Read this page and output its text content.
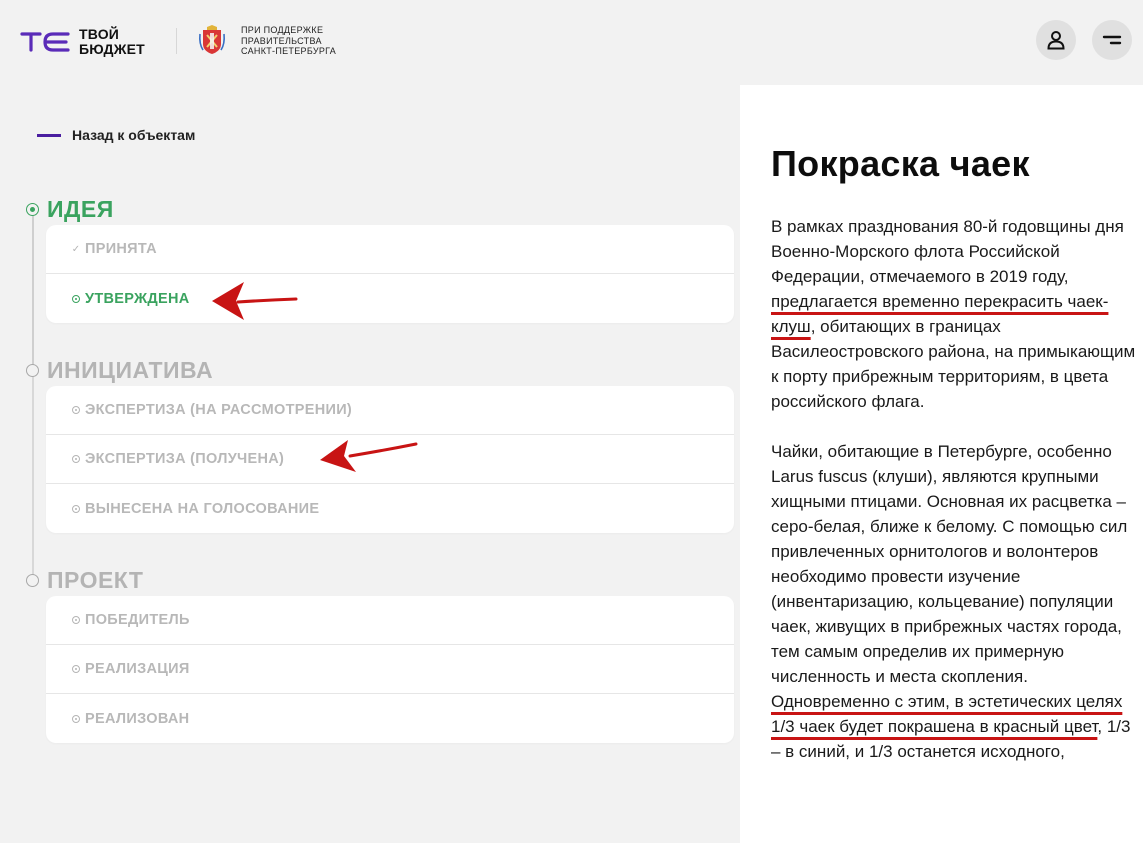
ТВОЙ
БЮДЖЕТ
ПРИ ПОДДЕРЖКЕ
ПРАВИТЕЛЬСТВА
САНКТ-ПЕТЕРБУРГА
Назад к объектам
ИДЕЯ
✓ ПРИНЯТА
УТВЕРЖДЕНА
ИНИЦИАТИВА
ЭКСПЕРТИЗА (НА РАССМОТРЕНИИ)
ЭКСПЕРТИЗА (ПОЛУЧЕНА)
ВЫНЕСЕНА НА ГОЛОСОВАНИЕ
ПРОЕКТ
ПОБЕДИТЕЛЬ
РЕАЛИЗАЦИЯ
РЕАЛИЗОВАН
Покраска чаек

В рамках празднования 80-й годовщины дня Военно-Морского флота Российской Федерации, отмечаемого в 2019 году, предлагается временно перекрасить чаек-клуш, обитающих в границах Василеостровского района, на примыкающим к порту прибрежным территориям, в цвета российского флага.

Чайки, обитающие в Петербурге, особенно Larus fuscus (клуши), являются крупными хищными птицами. Основная их расцветка – серо-белая, ближе к белому. С помощью сил привлеченных орнитологов и волонтеров необходимо провести изучение (инвентаризацию, кольцевание) популяции чаек, живущих в прибрежных частях города, тем самым определив их примерную численность и места скопления. Одновременно с этим, в эстетических целях 1/3 чаек будет покрашена в красный цвет, 1/3 – в синий, и 1/3 останется исходного,
